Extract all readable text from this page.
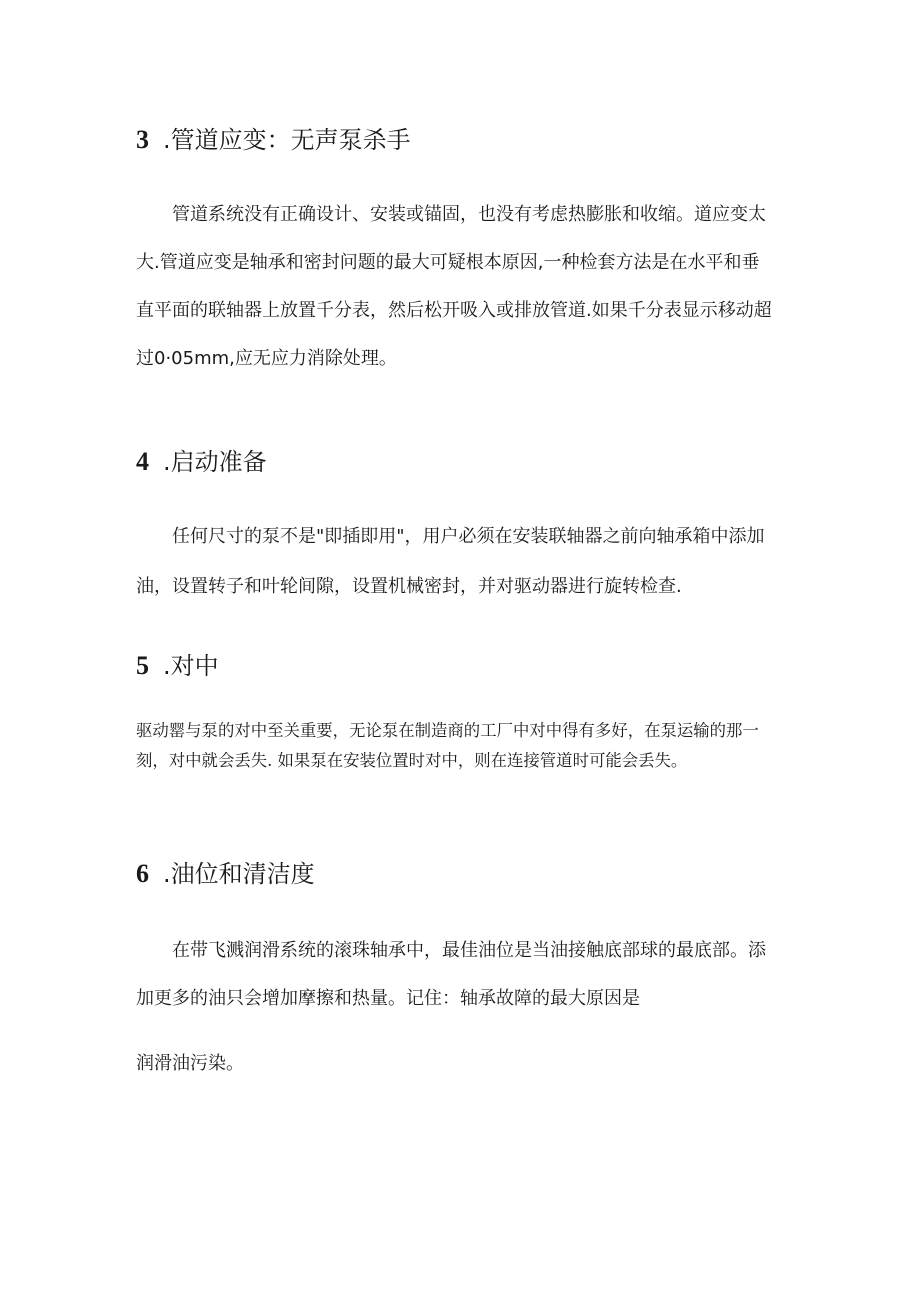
3 .管道应变：无声泵杀手
管道系统没有正确设计、安装或锚固，也没有考虑热膨胀和收缩。道应变太
大.管道应变是轴承和密封问题的最大可疑根本原因,一种检套方法是在水平和垂
直平面的联轴器上放置千分表，然后松开吸入或排放管道.如果千分表显示移动超
过0·05mm,应无应力消除处理。
4 .启动准备
任何尺寸的泵不是"即插即用"，用户必须在安装联轴器之前向轴承箱中添加
油，设置转子和叶轮间隙，设置机械密封，并对驱动器进行旋转检查.
5 .对中
驱动罂与泵的对中至关重要，无论泵在制造商的工厂中对中得有多好，在泵运输的那一
刻，对中就会丢失. 如果泵在安装位置时对中，则在连接管道时可能会丢失。
6 .油位和清洁度
在带飞溅润滑系统的滚珠轴承中，最佳油位是当油接触底部球的最底部。添
加更多的油只会增加摩擦和热量。记住：轴承故障的最大原因是
润滑油污染。
